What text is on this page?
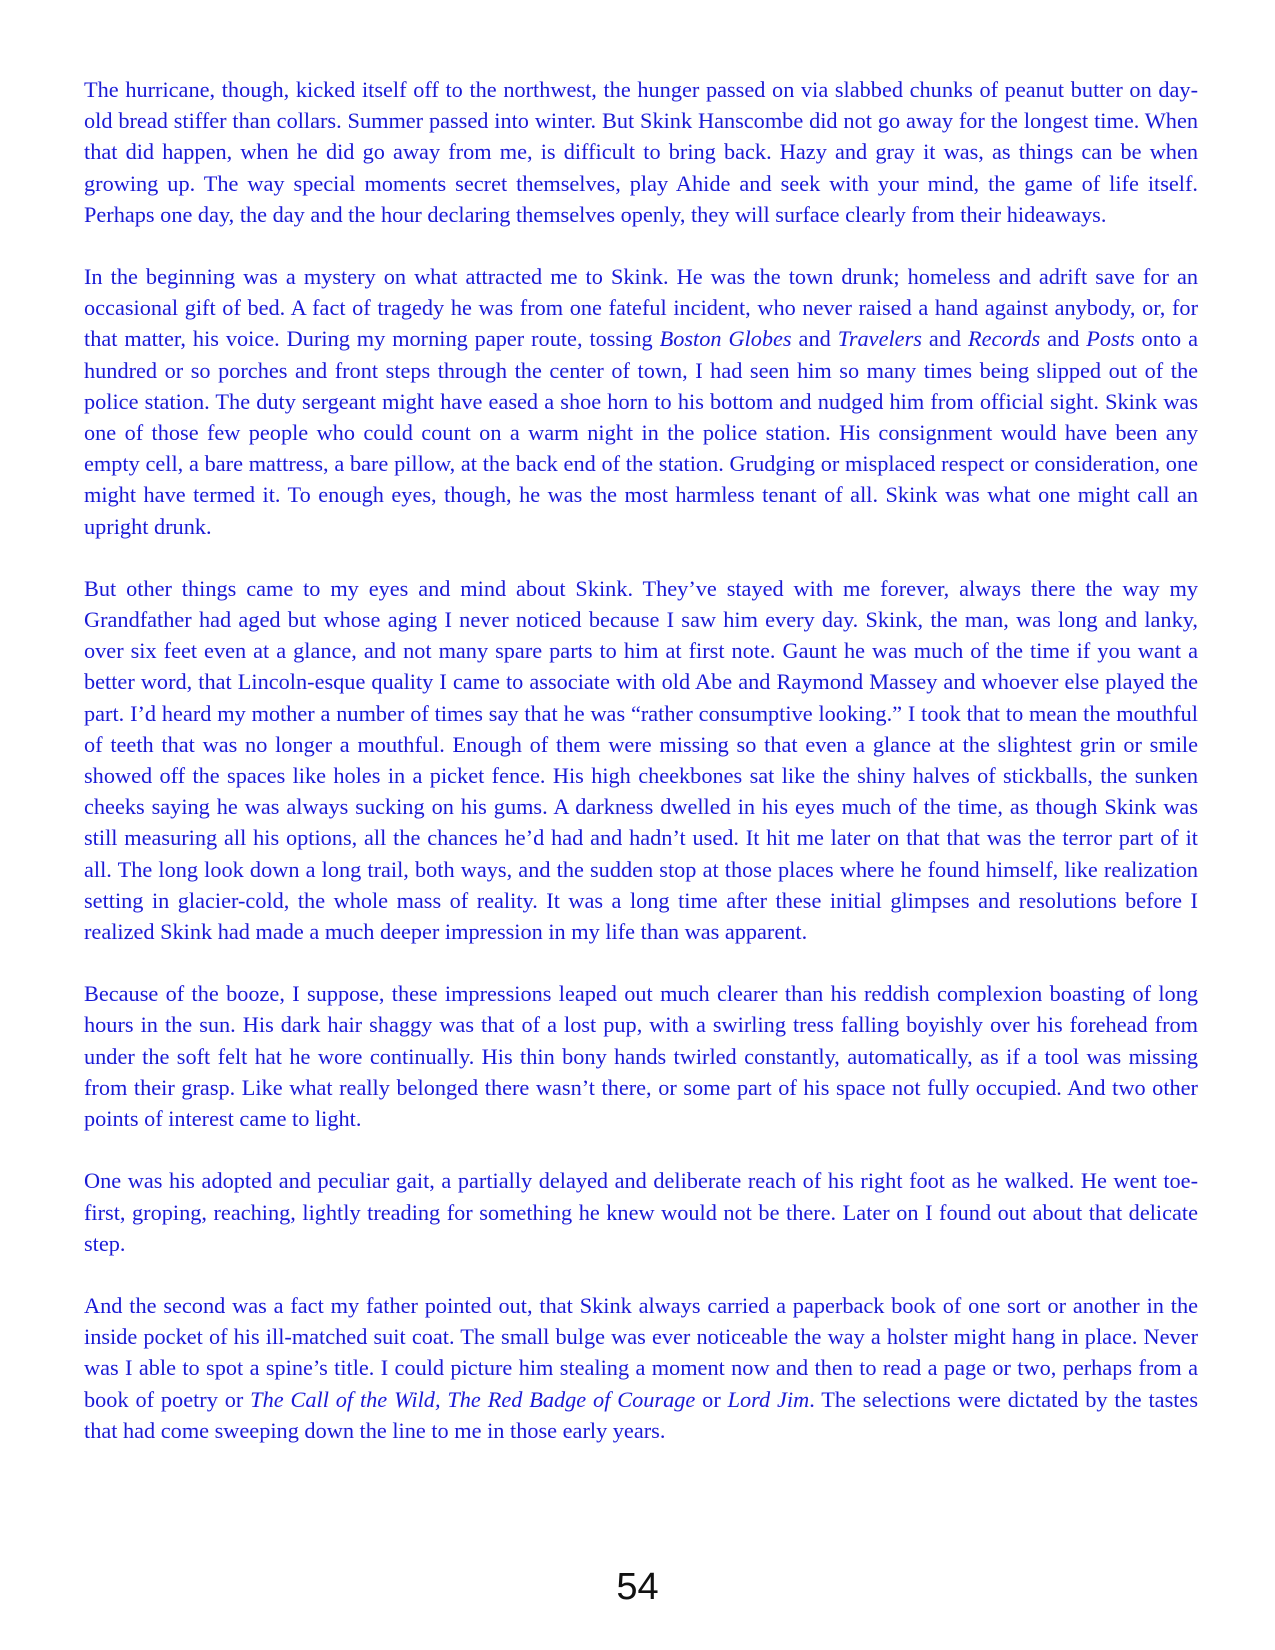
The hurricane, though, kicked itself off to the northwest, the hunger passed on via slabbed chunks of peanut butter on day-old bread stiffer than collars. Summer passed into winter. But Skink Hanscombe did not go away for the longest time. When that did happen, when he did go away from me, is difficult to bring back. Hazy and gray it was, as things can be when growing up. The way special moments secret themselves, play Ahide and seek with your mind, the game of life itself. Perhaps one day, the day and the hour declaring themselves openly, they will surface clearly from their hideaways.

In the beginning was a mystery on what attracted me to Skink. He was the town drunk; homeless and adrift save for an occasional gift of bed. A fact of tragedy he was from one fateful incident, who never raised a hand against anybody, or, for that matter, his voice. During my morning paper route, tossing Boston Globes and Travelers and Records and Posts onto a hundred or so porches and front steps through the center of town, I had seen him so many times being slipped out of the police station. The duty sergeant might have eased a shoe horn to his bottom and nudged him from official sight. Skink was one of those few people who could count on a warm night in the police station. His consignment would have been any empty cell, a bare mattress, a bare pillow, at the back end of the station. Grudging or misplaced respect or consideration, one might have termed it. To enough eyes, though, he was the most harmless tenant of all. Skink was what one might call an upright drunk.

But other things came to my eyes and mind about Skink. They’ve stayed with me forever, always there the way my Grandfather had aged but whose aging I never noticed because I saw him every day. Skink, the man, was long and lanky, over six feet even at a glance, and not many spare parts to him at first note. Gaunt he was much of the time if you want a better word, that Lincoln-esque quality I came to associate with old Abe and Raymond Massey and whoever else played the part. I’d heard my mother a number of times say that he was “rather consumptive looking.” I took that to mean the mouthful of teeth that was no longer a mouthful. Enough of them were missing so that even a glance at the slightest grin or smile showed off the spaces like holes in a picket fence. His high cheekbones sat like the shiny halves of stickballs, the sunken cheeks saying he was always sucking on his gums. A darkness dwelled in his eyes much of the time, as though Skink was still measuring all his options, all the chances he’d had and hadn’t used. It hit me later on that that was the terror part of it all. The long look down a long trail, both ways, and the sudden stop at those places where he found himself, like realization setting in glacier-cold, the whole mass of reality. It was a long time after these initial glimpses and resolutions before I realized Skink had made a much deeper impression in my life than was apparent.

Because of the booze, I suppose, these impressions leaped out much clearer than his reddish complexion boasting of long hours in the sun. His dark hair shaggy was that of a lost pup, with a swirling tress falling boyishly over his forehead from under the soft felt hat he wore continually. His thin bony hands twirled constantly, automatically, as if a tool was missing from their grasp. Like what really belonged there wasn’t there, or some part of his space not fully occupied. And two other points of interest came to light.

One was his adopted and peculiar gait, a partially delayed and deliberate reach of his right foot as he walked. He went toe-first, groping, reaching, lightly treading for something he knew would not be there. Later on I found out about that delicate step.

And the second was a fact my father pointed out, that Skink always carried a paperback book of one sort or another in the inside pocket of his ill-matched suit coat. The small bulge was ever noticeable the way a holster might hang in place. Never was I able to spot a spine’s title. I could picture him stealing a moment now and then to read a page or two, perhaps from a book of poetry or The Call of the Wild, The Red Badge of Courage or Lord Jim. The selections were dictated by the tastes that had come sweeping down the line to me in those early years.

54
